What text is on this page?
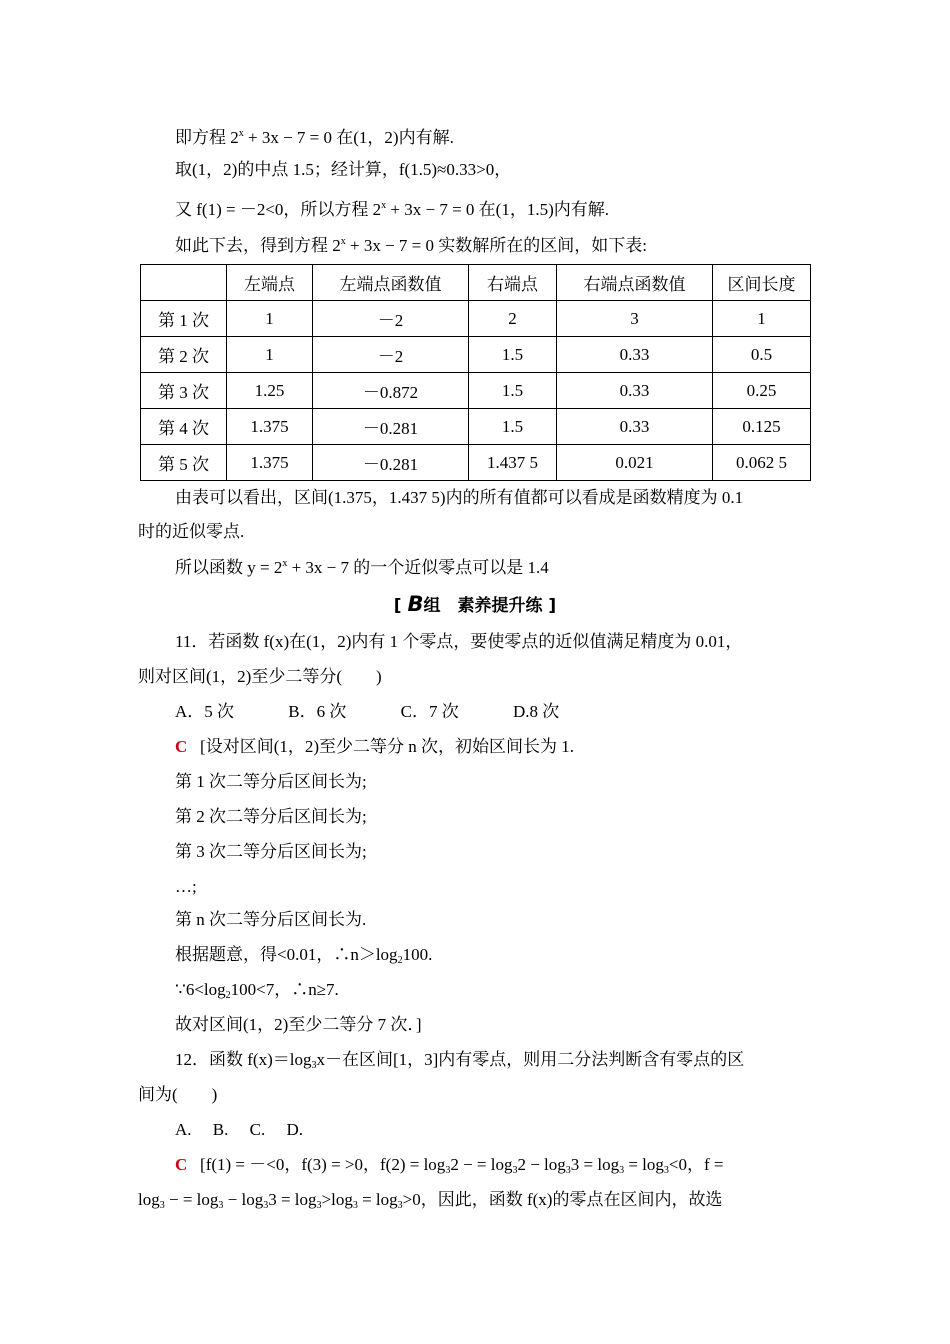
即方程 $2^x + 3x - 7 = 0$ 在(1，2)内有解.
取(1，2)的中点 1.5；经计算，f(1.5)≈0.33>0，
又 f(1) = －2<0，所以方程 $2^x + 3x - 7 = 0$ 在(1，1.5)内有解.
如此下去，得到方程 $2^x + 3x - 7 = 0$ 实数解所在的区间，如下表:
	左端点	左端点函数值	右端点	右端点函数值	区间长度
第 1 次	1	－2	2	3	1
第 2 次	1	－2	1.5	0.33	0.5
第 3 次	1.25	－0.872	1.5	0.33	0.25
第 4 次	1.375	－0.281	1.5	0.33	0.125
第 5 次	1.375	－0.281	1.437 5	0.021	0.062 5
由表可以看出，区间(1.375，1.437 5)内的所有值都可以看成是函数精度为 0.1
时的近似零点.
所以函数 $y = 2^x + 3x - 7$ 的一个近似零点可以是 1.4
[ B组　素养提升练 ]
11．若函数 f(x)在(1，2)内有 1 个零点，要使零点的近似值满足精度为 0.01，
则对区间(1，2)至少二等分(　　)
A．5 次	B．6 次	C．7 次	D.8 次
C [设对区间(1，2)至少二等分 n 次，初始区间长为 1.
第 1 次二等分后区间长为;
第 2 次二等分后区间长为;
第 3 次二等分后区间长为;
…;
第 n 次二等分后区间长为.
根据题意，得<0.01，$\therefore n>\log_2100$.
$\because 6<\log_2100<7$，∴n≥7.
故对区间(1，2)至少二等分 7 次．]
12．函数 $f(x)=\log_3x-$在区间[1，3]内有零点，则用二分法判断含有零点的区
间为(　　)
A. B. C. D.
C [f(1) = －<0，f(3) = >0，$f(2) = \log_32$ − = $\log_32 - \log_33 = \log_3 = \log_3<0$，f =
$\log_3$ − = $\log_3 - \log_33 = \log_3>\log_3 = \log_3>0$，因此，函数 f(x)的零点在区间内，故选
